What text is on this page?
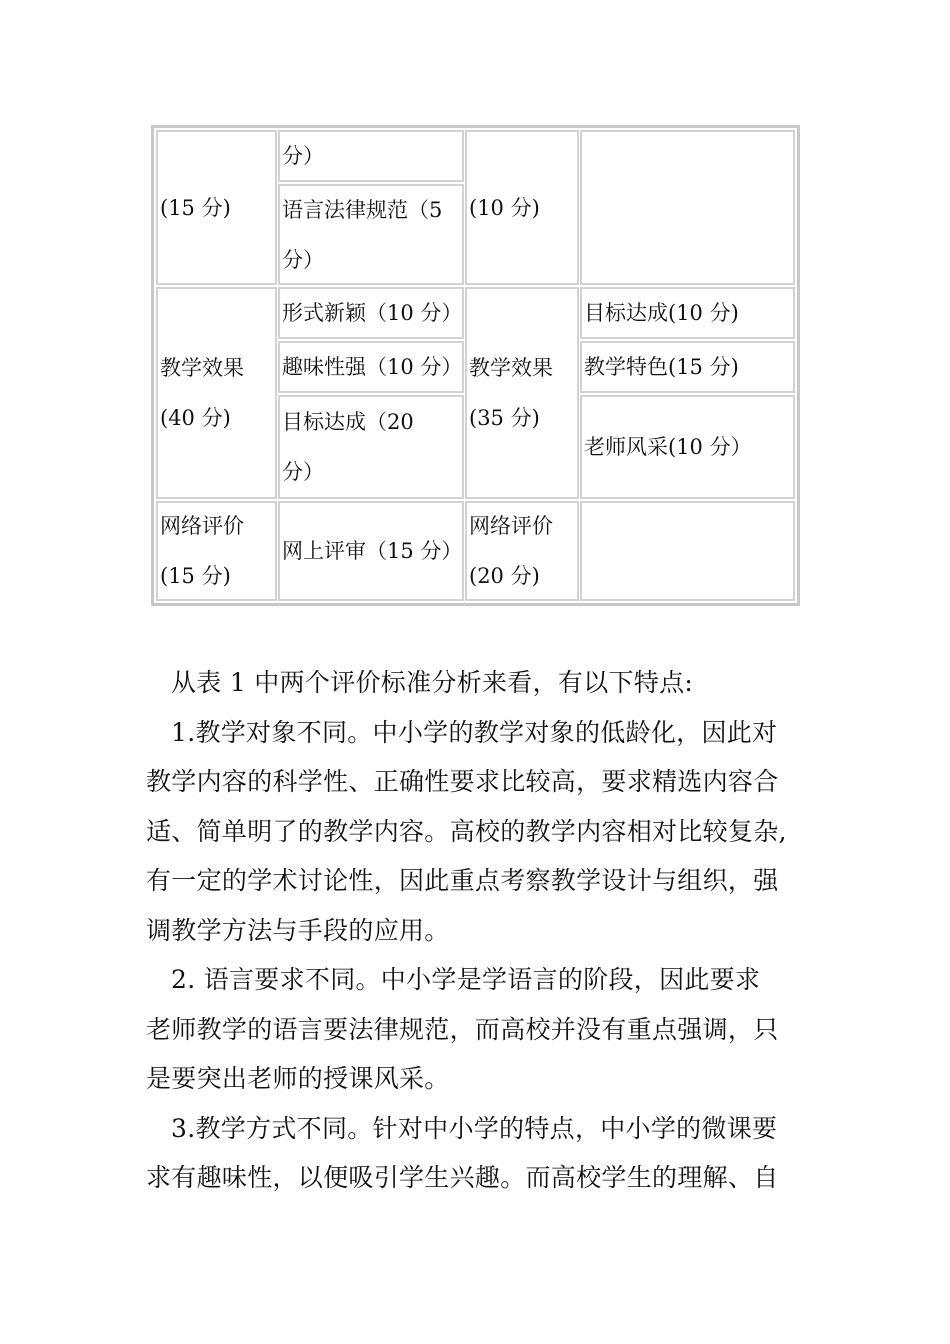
(15 分)
分）
语言法律规范（5
分）
(10 分)
教学效果
(40 分)
形式新颖（10 分）
趣味性强（10 分）
目标达成（20
分）
教学效果
(35 分)
目标达成(10 分)
教学特色(15 分)
老师风采(10 分）
网络评价
(15 分)
网上评审（15 分）
网络评价
(20 分)

从表 1 中两个评价标准分析来看，有以下特点:

1.教学对象不同。中小学的教学对象的低龄化，因此对

教学内容的科学性、正确性要求比较高，要求精选内容合

适、简单明了的教学内容。高校的教学内容相对比较复杂,

有一定的学术讨论性，因此重点考察教学设计与组织，强

调教学方法与手段的应用。

2. 语言要求不同。中小学是学语言的阶段，因此要求

老师教学的语言要法律规范，而高校并没有重点强调，只

是要突出老师的授课风采。

3.教学方式不同。针对中小学的特点，中小学的微课要

求有趣味性，以便吸引学生兴趣。而高校学生的理解、自
